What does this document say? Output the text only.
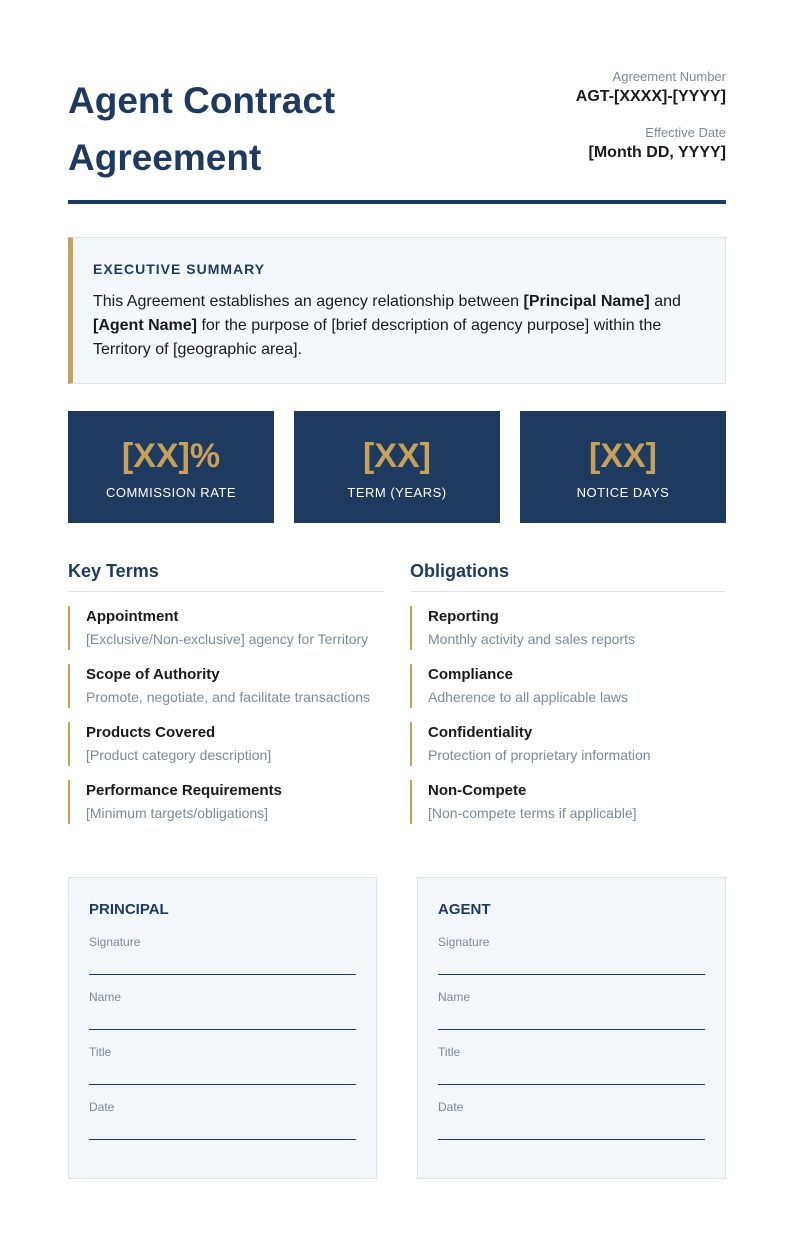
Agent Contract Agreement
Agreement Number
AGT-[XXXX]-[YYYY]
Effective Date
[Month DD, YYYY]
EXECUTIVE SUMMARY
This Agreement establishes an agency relationship between [Principal Name] and [Agent Name] for the purpose of [brief description of agency purpose] within the Territory of [geographic area].
[XX]%
COMMISSION RATE
[XX]
TERM (YEARS)
[XX]
NOTICE DAYS
Key Terms
Appointment
[Exclusive/Non-exclusive] agency for Territory
Scope of Authority
Promote, negotiate, and facilitate transactions
Products Covered
[Product category description]
Performance Requirements
[Minimum targets/obligations]
Obligations
Reporting
Monthly activity and sales reports
Compliance
Adherence to all applicable laws
Confidentiality
Protection of proprietary information
Non-Compete
[Non-compete terms if applicable]
PRINCIPAL
Signature
Name
Title
Date
AGENT
Signature
Name
Title
Date
